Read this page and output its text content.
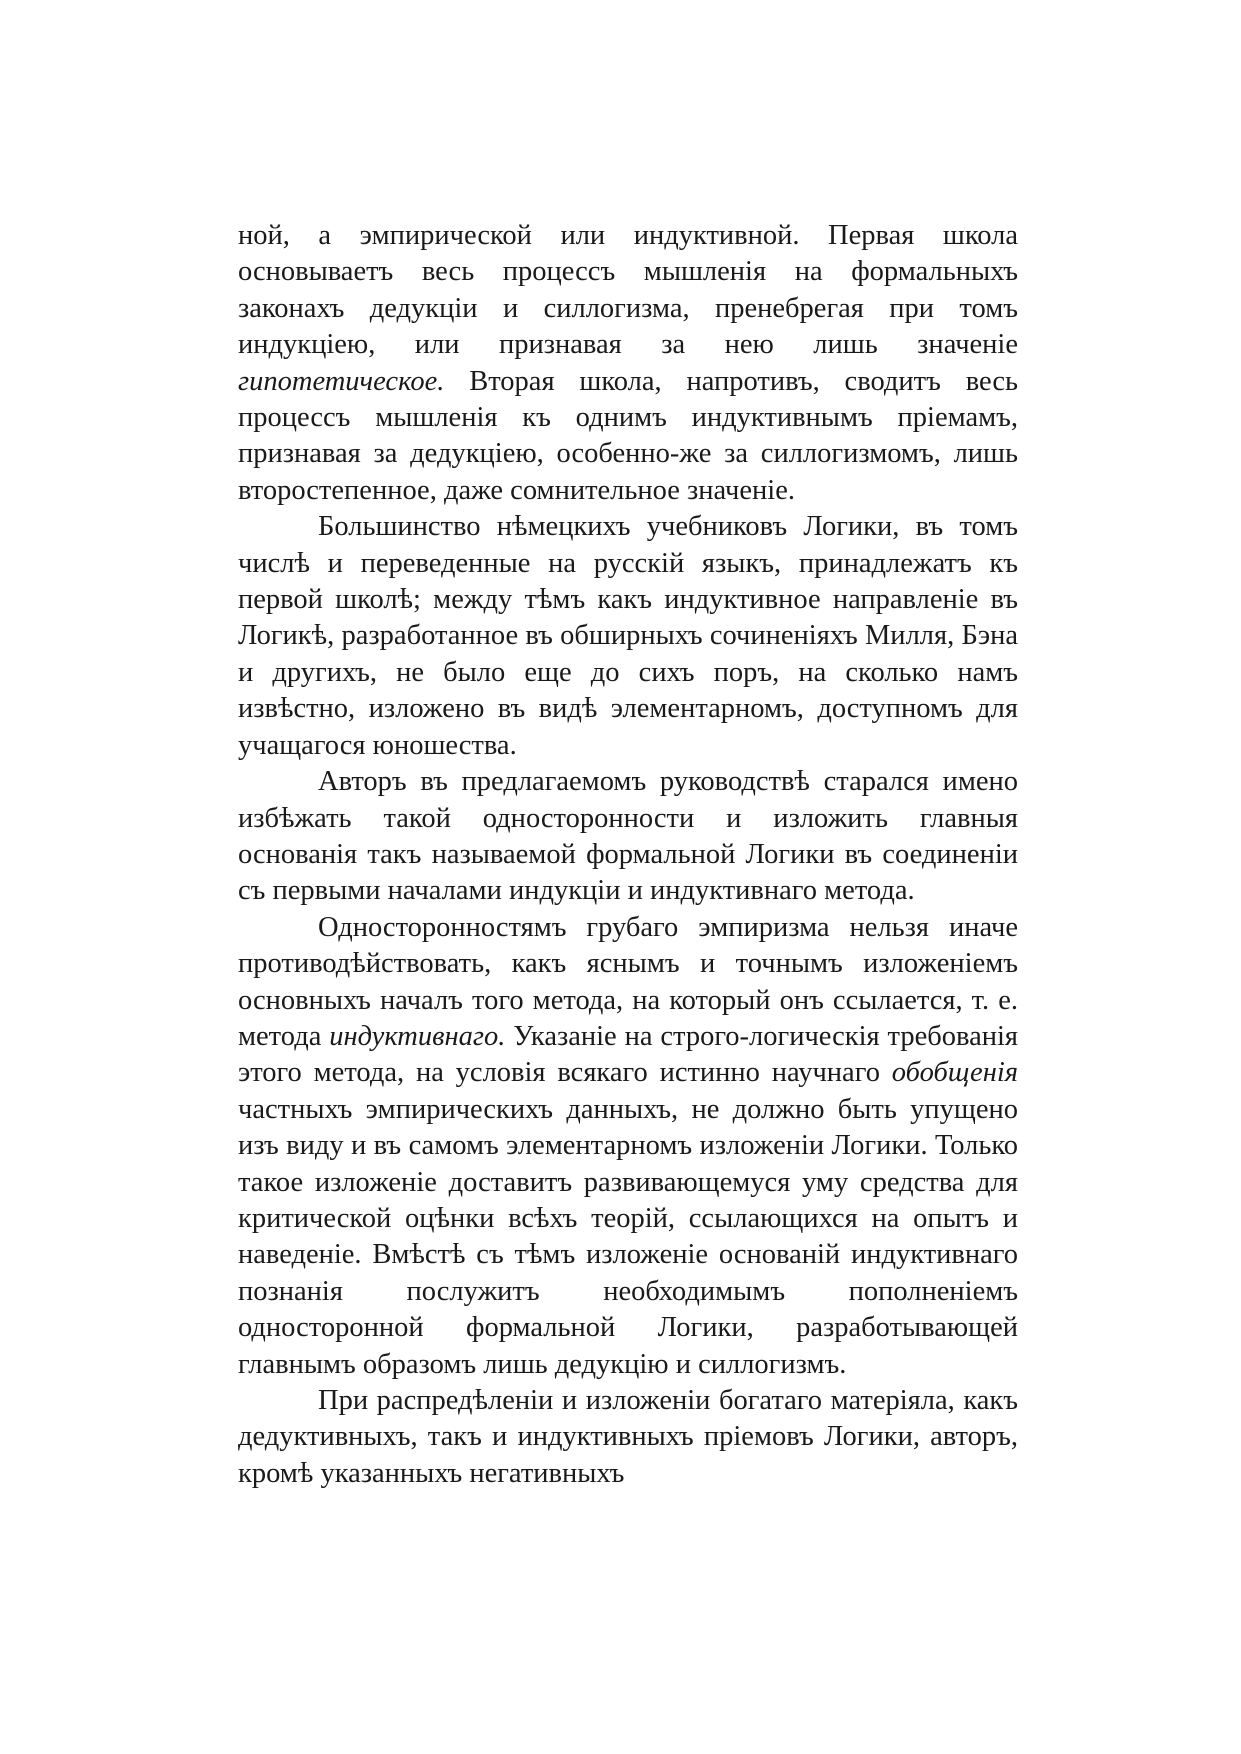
ной, а эмпирической или индуктивной. Первая школа основываетъ весь процессъ мышленія на формальныхъ законахъ дедукціи и силлогизма, пренебрегая при томъ индукціею, или признавая за нею лишь значеніе гипотетическое. Вторая школа, напротивъ, сводитъ весь процессъ мышленія къ однимъ индуктивнымъ пріемамъ, признавая за дедукціею, особенно-же за силлогизмомъ, лишь второстепенное, даже сомнительное значеніе.

Большинство нѣмецкихъ учебниковъ Логики, въ томъ числѣ и переведенные на русскій языкъ, принадлежатъ къ первой школѣ; между тѣмъ какъ индуктивное направленіе въ Логикѣ, разработанное въ обширныхъ сочиненіяхъ Милля, Бэна и другихъ, не было еще до сихъ поръ, на сколько намъ извѣстно, изложено въ видѣ элементарномъ, доступномъ для учащагося юношества.

Авторъ въ предлагаемомъ руководствѣ старался имено избѣжать такой односторонности и изложить главныя основанія такъ называемой формальной Логики въ соединеніи съ первыми началами индукціи и индуктивнаго метода.

Односторонностямъ грубаго эмпиризма нельзя иначе противодѣйствовать, какъ яснымъ и точнымъ изложеніемъ основныхъ началъ того метода, на который онъ ссылается, т. е. метода индуктивнаго. Указаніе на строго-логическія требованія этого метода, на условія всякаго истинно научнаго обобщенія частныхъ эмпирическихъ данныхъ, не должно быть упущено изъ виду и въ самомъ элементарномъ изложеніи Логики. Только такое изложеніе доставитъ развивающемуся уму средства для критической оцѣнки всѣхъ теорій, ссылающихся на опытъ и наведеніе. Вмѣстѣ съ тѣмъ изложеніе основаній индуктивнаго познанія послужитъ необходимымъ пополненіемъ односторонной формальной Логики, разработывающей главнымъ образомъ лишь дедукцію и силлогизмъ.

При распредѣленіи и изложеніи богатаго матеріяла, какъ дедуктивныхъ, такъ и индуктивныхъ пріемовъ Логики, авторъ, кромѣ указанныхъ негативныхъ
